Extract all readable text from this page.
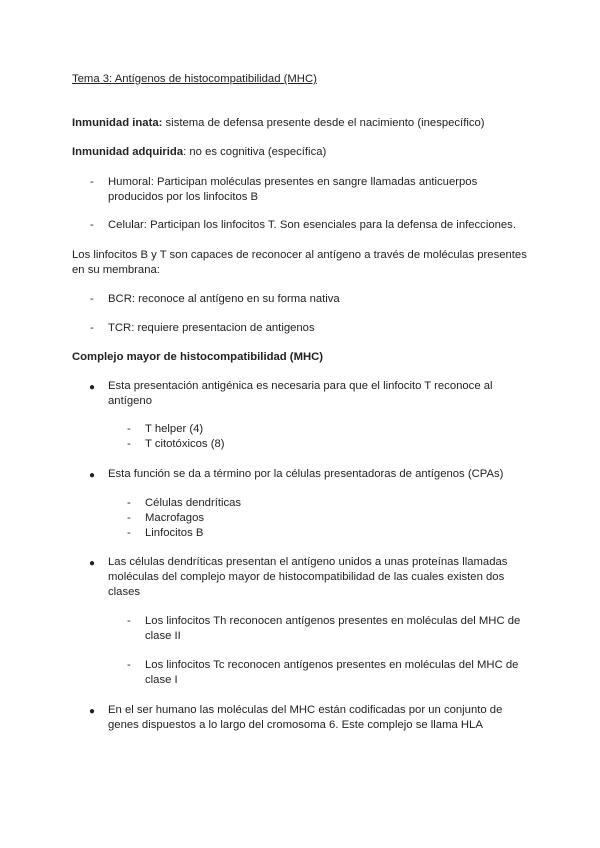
Tema 3: Antígenos de histocompatibilidad (MHC)
Inmunidad inata: sistema de defensa presente desde el nacimiento (inespecífico)
Inmunidad adquirida: no es cognitiva (específica)
- Humoral: Participan moléculas presentes en sangre llamadas anticuerpos
producidos por los linfocitos B
- Celular: Participan los linfocitos T. Son esenciales para la defensa de infecciones.
Los linfocitos B y T son capaces de reconocer al antígeno a través de moléculas presentes
en su membrana:
- BCR: reconoce al antígeno en su forma nativa
- TCR: requiere presentacion de antigenos
Complejo mayor de histocompatibilidad (MHC)
● Esta presentación antigénica es necesaria para que el linfocito T reconoce al
antígeno
- T helper (4)
- T citotóxicos (8)
● Esta función se da a término por la células presentadoras de antígenos (CPAs)
- Células dendríticas
- Macrofagos
- Linfocitos B
● Las células dendríticas presentan el antígeno unidos a unas proteínas llamadas
moléculas del complejo mayor de histocompatibilidad de las cuales existen dos
clases
- Los linfocitos Th reconocen antígenos presentes en moléculas del MHC de
clase II
- Los linfocitos Tc reconocen antígenos presentes en moléculas del MHC de
clase I
● En el ser humano las moléculas del MHC están codificadas por un conjunto de
genes dispuestos a lo largo del cromosoma 6. Este complejo se llama HLA
